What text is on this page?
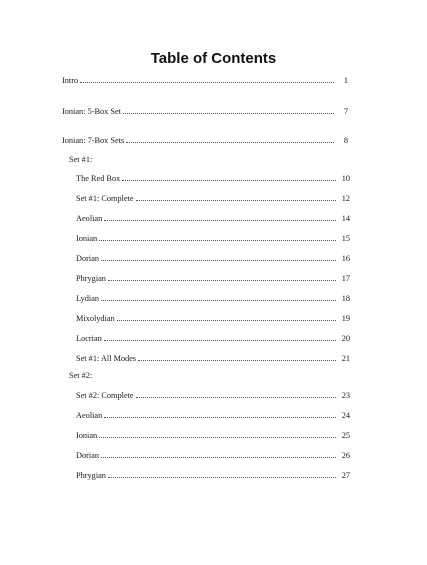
Table of Contents
Intro	1
Ionian: 5-Box Set	7
Ionian: 7-Box Sets	8
Set #1:
The Red Box	10
Set #1: Complete	12
Aeolian	14
Ionian	15
Dorian	16
Phrygian	17
Lydian	18
Mixolydian	19
Locrian	20
Set #1: All Modes	21
Set #2:
Set #2: Complete	23
Aeolian	24
Ionian	25
Dorian	26
Phrygian	27
